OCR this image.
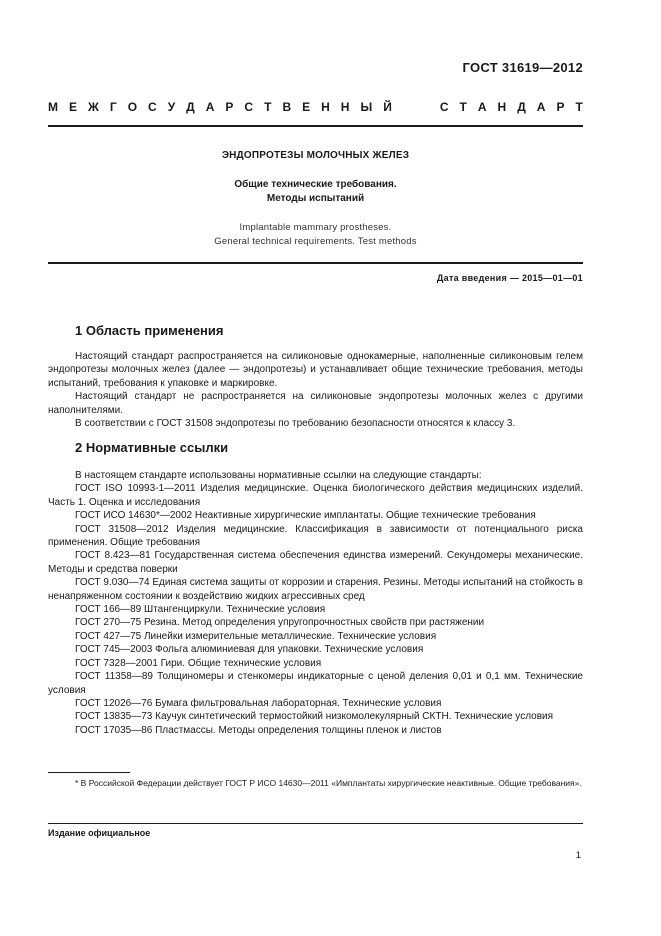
ГОСТ 31619—2012
М Е Ж Г О С У Д А Р С Т В Е Н Н Ы Й	С Т А Н Д А Р Т
ЭНДОПРОТЕЗЫ МОЛОЧНЫХ ЖЕЛЕЗ
Общие технические требования.
Методы испытаний
Implantable mammary prostheses.
General technical requirements. Test methods
Дата введения — 2015—01—01
1 Область применения
Настоящий стандарт распространяется на силиконовые однокамерные, наполненные силиконовым гелем эндопротезы молочных желез (далее — эндопротезы) и устанавливает общие технические требования, методы испытаний, требования к упаковке и маркировке.
Настоящий стандарт не распространяется на силиконовые эндопротезы молочных желез с другими наполнителями.
В соответствии с ГОСТ 31508 эндопротезы по требованию безопасности относятся к классу 3.
2 Нормативные ссылки
В настоящем стандарте использованы нормативные ссылки на следующие стандарты:
ГОСТ ISO 10993-1—2011 Изделия медицинские. Оценка биологического действия медицинских изделий. Часть 1. Оценка и исследования
ГОСТ ИСО 14630*—2002 Неактивные хирургические имплантаты. Общие технические требования
ГОСТ 31508—2012 Изделия медицинские. Классификация в зависимости от потенциального риска применения. Общие требования
ГОСТ 8.423—81 Государственная система обеспечения единства измерений. Секундомеры механические. Методы и средства поверки
ГОСТ 9.030—74 Единая система защиты от коррозии и старения. Резины. Методы испытаний на стойкость в ненапряженном состоянии к воздействию жидких агрессивных сред
ГОСТ 166—89 Штангенциркули. Технические условия
ГОСТ 270—75 Резина. Метод определения упругопрочностных свойств при растяжении
ГОСТ 427—75 Линейки измерительные металлические. Технические условия
ГОСТ 745—2003 Фольга алюминиевая для упаковки. Технические условия
ГОСТ 7328—2001 Гири. Общие технические условия
ГОСТ 11358—89 Толщиномеры и стенкомеры индикаторные с ценой деления 0,01 и 0,1 мм. Технические условия
ГОСТ 12026—76 Бумага фильтровальная лабораторная. Технические условия
ГОСТ 13835—73 Каучук синтетический термостойкий низкомолекулярный СКТН. Технические условия
ГОСТ 17035—86 Пластмассы. Методы определения толщины пленок и листов
* В Российской Федерации действует ГОСТ Р ИСО 14630—2011 «Имплантаты хирургические неактивные. Общие требования».
Издание официальное
1
